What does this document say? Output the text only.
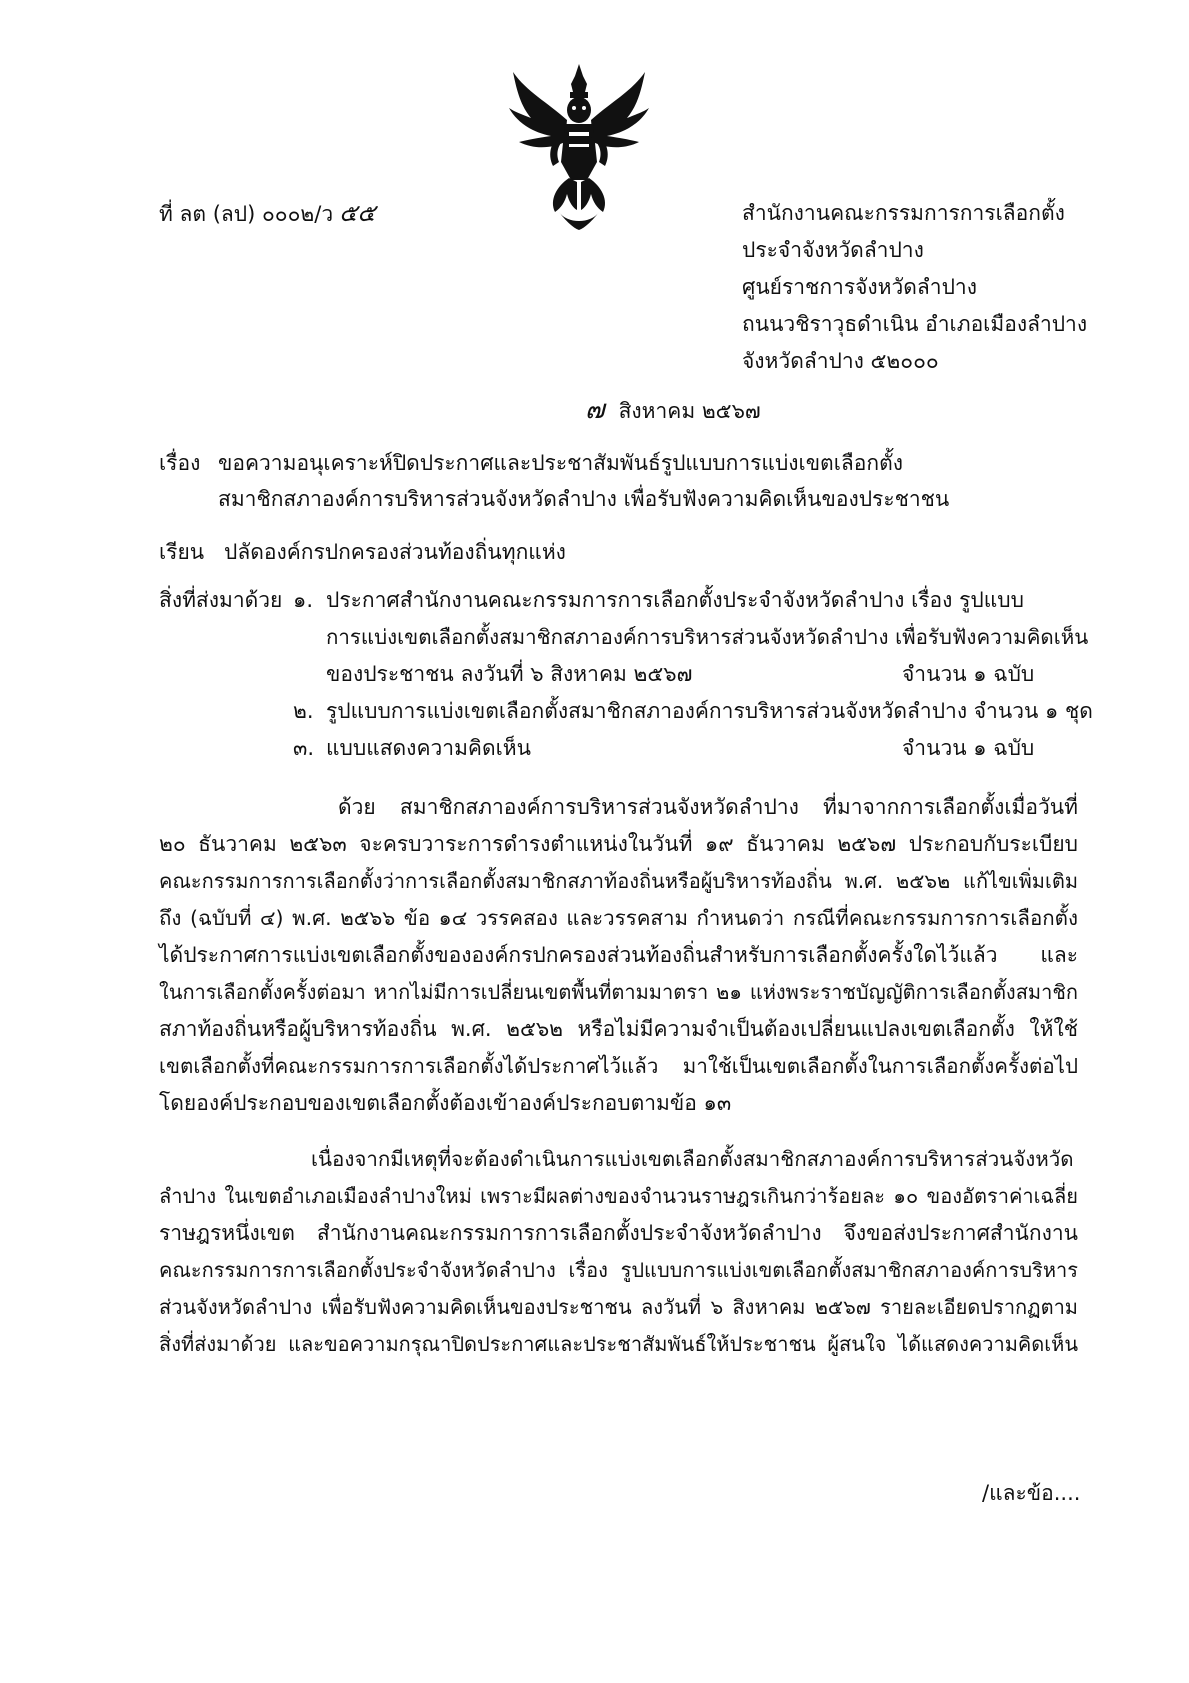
ที่ ลต (ลป) ๐๐๐๒/ว ๕๕	สำนักงานคณะกรรมการการเลือกตั้ง
ประจำจังหวัดลำปาง
ศูนย์ราชการจังหวัดลำปาง
ถนนวชิราวุธดำเนิน อำเภอเมืองลำปาง
จังหวัดลำปาง ๕๒๐๐๐
๗ สิงหาคม ๒๕๖๗
เรื่อง ขอความอนุเคราะห์ปิดประกาศและประชาสัมพันธ์รูปแบบการแบ่งเขตเลือกตั้ง
สมาชิกสภาองค์การบริหารส่วนจังหวัดลำปาง เพื่อรับฟังความคิดเห็นของประชาชน
เรียน ปลัดองค์กรปกครองส่วนท้องถิ่นทุกแห่ง
สิ่งที่ส่งมาด้วย ๑. ประกาศสำนักงานคณะกรรมการการเลือกตั้งประจำจังหวัดลำปาง เรื่อง รูปแบบ
การแบ่งเขตเลือกตั้งสมาชิกสภาองค์การบริหารส่วนจังหวัดลำปาง เพื่อรับฟังความคิดเห็น
ของประชาชน ลงวันที่ ๖ สิงหาคม ๒๕๖๗	จำนวน ๑ ฉบับ
๒. รูปแบบการแบ่งเขตเลือกตั้งสมาชิกสภาองค์การบริหารส่วนจังหวัดลำปาง จำนวน ๑ ชุด
๓. แบบแสดงความคิดเห็น	จำนวน ๑ ฉบับ
ด้วย สมาชิกสภาองค์การบริหารส่วนจังหวัดลำปาง ที่มาจากการเลือกตั้งเมื่อวันที่
๒๐ ธันวาคม ๒๕๖๓ จะครบวาระการดำรงตำแหน่งในวันที่ ๑๙ ธันวาคม ๒๕๖๗ ประกอบกับระเบียบ
คณะกรรมการการเลือกตั้งว่าการเลือกตั้งสมาชิกสภาท้องถิ่นหรือผู้บริหารท้องถิ่น พ.ศ. ๒๕๖๒ แก้ไขเพิ่มเติม
ถึง (ฉบับที่ ๔) พ.ศ. ๒๕๖๖ ข้อ ๑๔ วรรคสอง และวรรคสาม กำหนดว่า กรณีที่คณะกรรมการการเลือกตั้ง
ได้ประกาศการแบ่งเขตเลือกตั้งขององค์กรปกครองส่วนท้องถิ่นสำหรับการเลือกตั้งครั้งใดไว้แล้ว และ
ในการเลือกตั้งครั้งต่อมา หากไม่มีการเปลี่ยนเขตพื้นที่ตามมาตรา ๒๑ แห่งพระราชบัญญัติการเลือกตั้งสมาชิก
สภาท้องถิ่นหรือผู้บริหารท้องถิ่น พ.ศ. ๒๕๖๒ หรือไม่มีความจำเป็นต้องเปลี่ยนแปลงเขตเลือกตั้ง ให้ใช้
เขตเลือกตั้งที่คณะกรรมการการเลือกตั้งได้ประกาศไว้แล้ว มาใช้เป็นเขตเลือกตั้งในการเลือกตั้งครั้งต่อไป
โดยองค์ประกอบของเขตเลือกตั้งต้องเข้าองค์ประกอบตามข้อ ๑๓
เนื่องจากมีเหตุที่จะต้องดำเนินการแบ่งเขตเลือกตั้งสมาชิกสภาองค์การบริหารส่วนจังหวัด
ลำปาง ในเขตอำเภอเมืองลำปางใหม่ เพราะมีผลต่างของจำนวนราษฎรเกินกว่าร้อยละ ๑๐ ของอัตราค่าเฉลี่ย
ราษฎรหนึ่งเขต สำนักงานคณะกรรมการการเลือกตั้งประจำจังหวัดลำปาง จึงขอส่งประกาศสำนักงาน
คณะกรรมการการเลือกตั้งประจำจังหวัดลำปาง เรื่อง รูปแบบการแบ่งเขตเลือกตั้งสมาชิกสภาองค์การบริหาร
ส่วนจังหวัดลำปาง เพื่อรับฟังความคิดเห็นของประชาชน ลงวันที่ ๖ สิงหาคม ๒๕๖๗ รายละเอียดปรากฏตาม
สิ่งที่ส่งมาด้วย และขอความกรุณาปิดประกาศและประชาสัมพันธ์ให้ประชาชน ผู้สนใจ ได้แสดงความคิดเห็น
/และข้อ....
